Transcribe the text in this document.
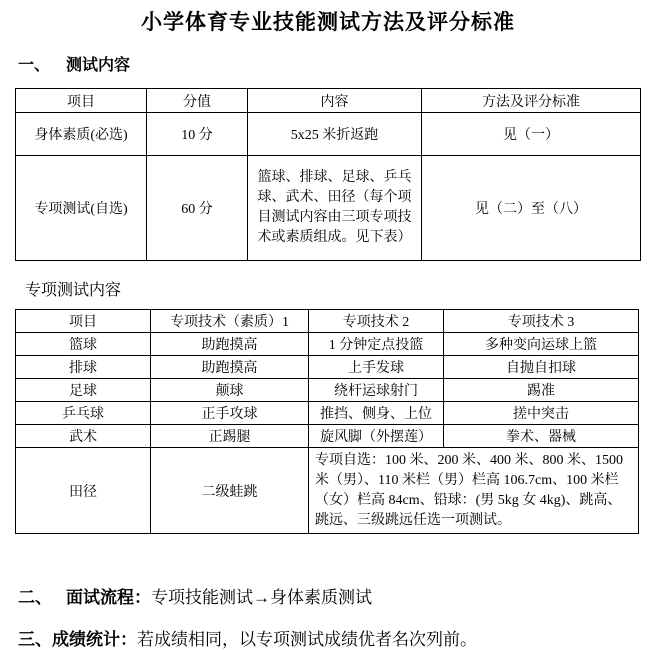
小学体育专业技能测试方法及评分标准
一、 测试内容
项目	分值	内容	方法及评分标准
身体素质(必选)	10 分	5x25 米折返跑	见（一）
专项测试(自选)	60 分	篮球、排球、足球、乒乓球、武术、田径（每个项目测试内容由三项专项技术或素质组成。见下表）	见（二）至（八）
专项测试内容
项目	专项技术（素质）1	专项技术 2	专项技术 3
篮球	助跑摸高	1 分钟定点投篮	多种变向运球上篮
排球	助跑摸高	上手发球	自抛自扣球
足球	颠球	绕杆运球射门	踢准
乒乓球	正手攻球	推挡、侧身、上位	搓中突击
武术	正踢腿	旋风脚（外摆莲）	拳术、器械
田径	二级蛙跳	专项自选：100 米、200 米、400 米、800 米、1500 米（男）、110 米栏（男）栏高 106.7cm、100 米栏（女）栏高 84cm、铅球：(男 5kg 女 4kg)、跳高、跳远、三级跳远任选一项测试。	
二、 面试流程：专项技能测试→身体素质测试
三、成绩统计：若成绩相同，以专项测试成绩优者名次列前。
